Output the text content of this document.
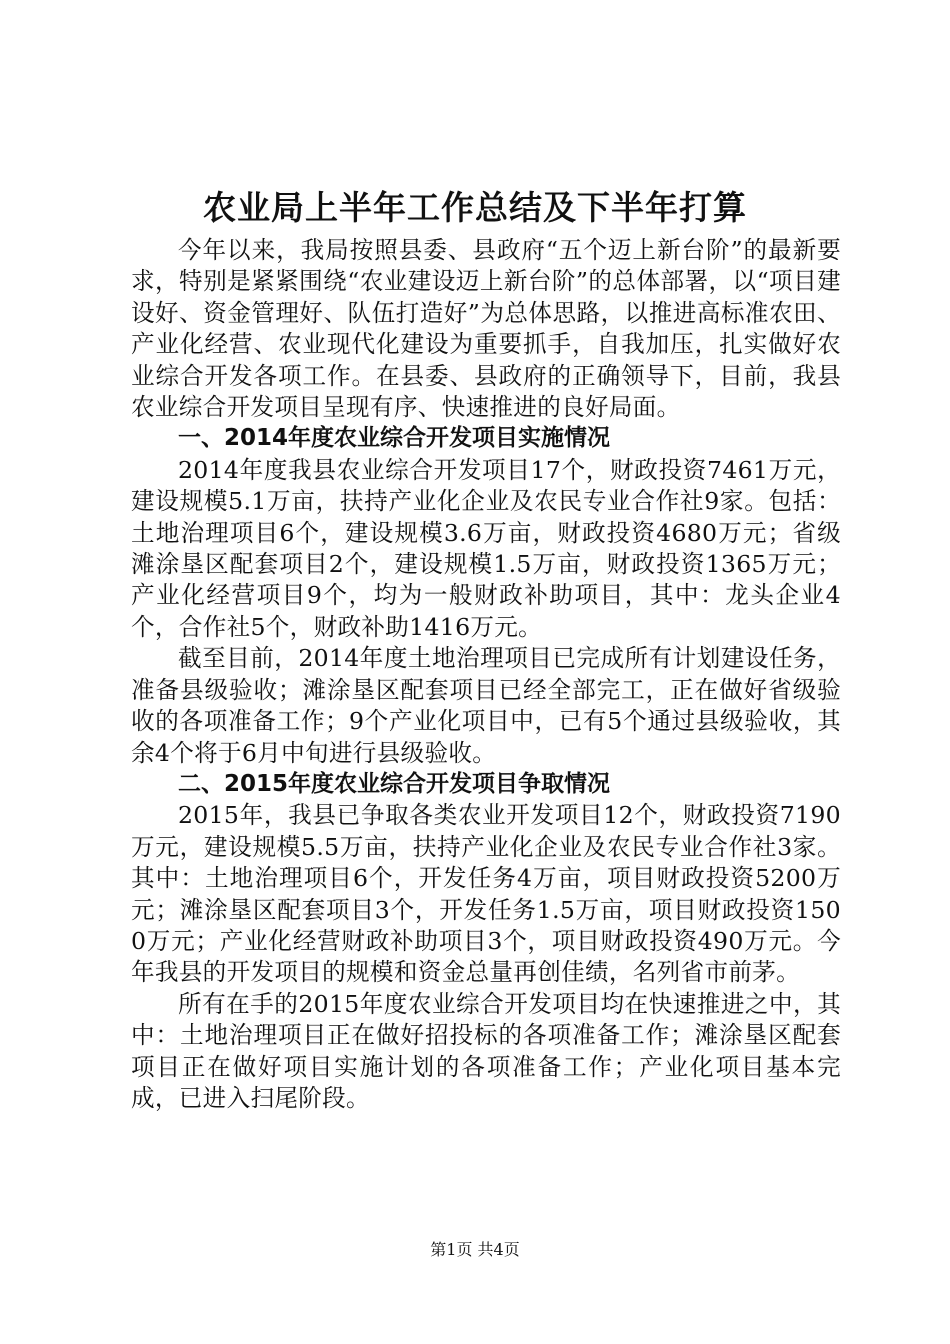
农业局上半年工作总结及下半年打算

今年以来，我局按照县委、县政府“五个迈上新台阶”的最新要求，特别是紧紧围绕“农业建设迈上新台阶”的总体部署，以“项目建设好、资金管理好、队伍打造好”为总体思路，以推进高标准农田、产业化经营、农业现代化建设为重要抓手，自我加压，扎实做好农业综合开发各项工作。在县委、县政府的正确领导下，目前，我县农业综合开发项目呈现有序、快速推进的良好局面。

一、2014年度农业综合开发项目实施情况

2014年度我县农业综合开发项目17个，财政投资7461万元，建设规模5.1万亩，扶持产业化企业及农民专业合作社9家。包括：土地治理项目6个，建设规模3.6万亩，财政投资4680万元；省级滩涂垦区配套项目2个，建设规模1.5万亩，财政投资1365万元；产业化经营项目9个，均为一般财政补助项目，其中：龙头企业4个，合作社5个，财政补助1416万元。

截至目前，2014年度土地治理项目已完成所有计划建设任务，准备县级验收；滩涂垦区配套项目已经全部完工，正在做好省级验收的各项准备工作；9个产业化项目中，已有5个通过县级验收，其余4个将于6月中旬进行县级验收。

二、2015年度农业综合开发项目争取情况

2015年，我县已争取各类农业开发项目12个，财政投资7190万元，建设规模5.5万亩，扶持产业化企业及农民专业合作社3家。其中：土地治理项目6个，开发任务4万亩，项目财政投资5200万元；滩涂垦区配套项目3个，开发任务1.5万亩，项目财政投资1500万元；产业化经营财政补助项目3个，项目财政投资490万元。今年我县的开发项目的规模和资金总量再创佳绩，名列省市前茅。

所有在手的2015年度农业综合开发项目均在快速推进之中，其中：土地治理项目正在做好招投标的各项准备工作；滩涂垦区配套项目正在做好项目实施计划的各项准备工作；产业化项目基本完成，已进入扫尾阶段。

第1页 共4页
